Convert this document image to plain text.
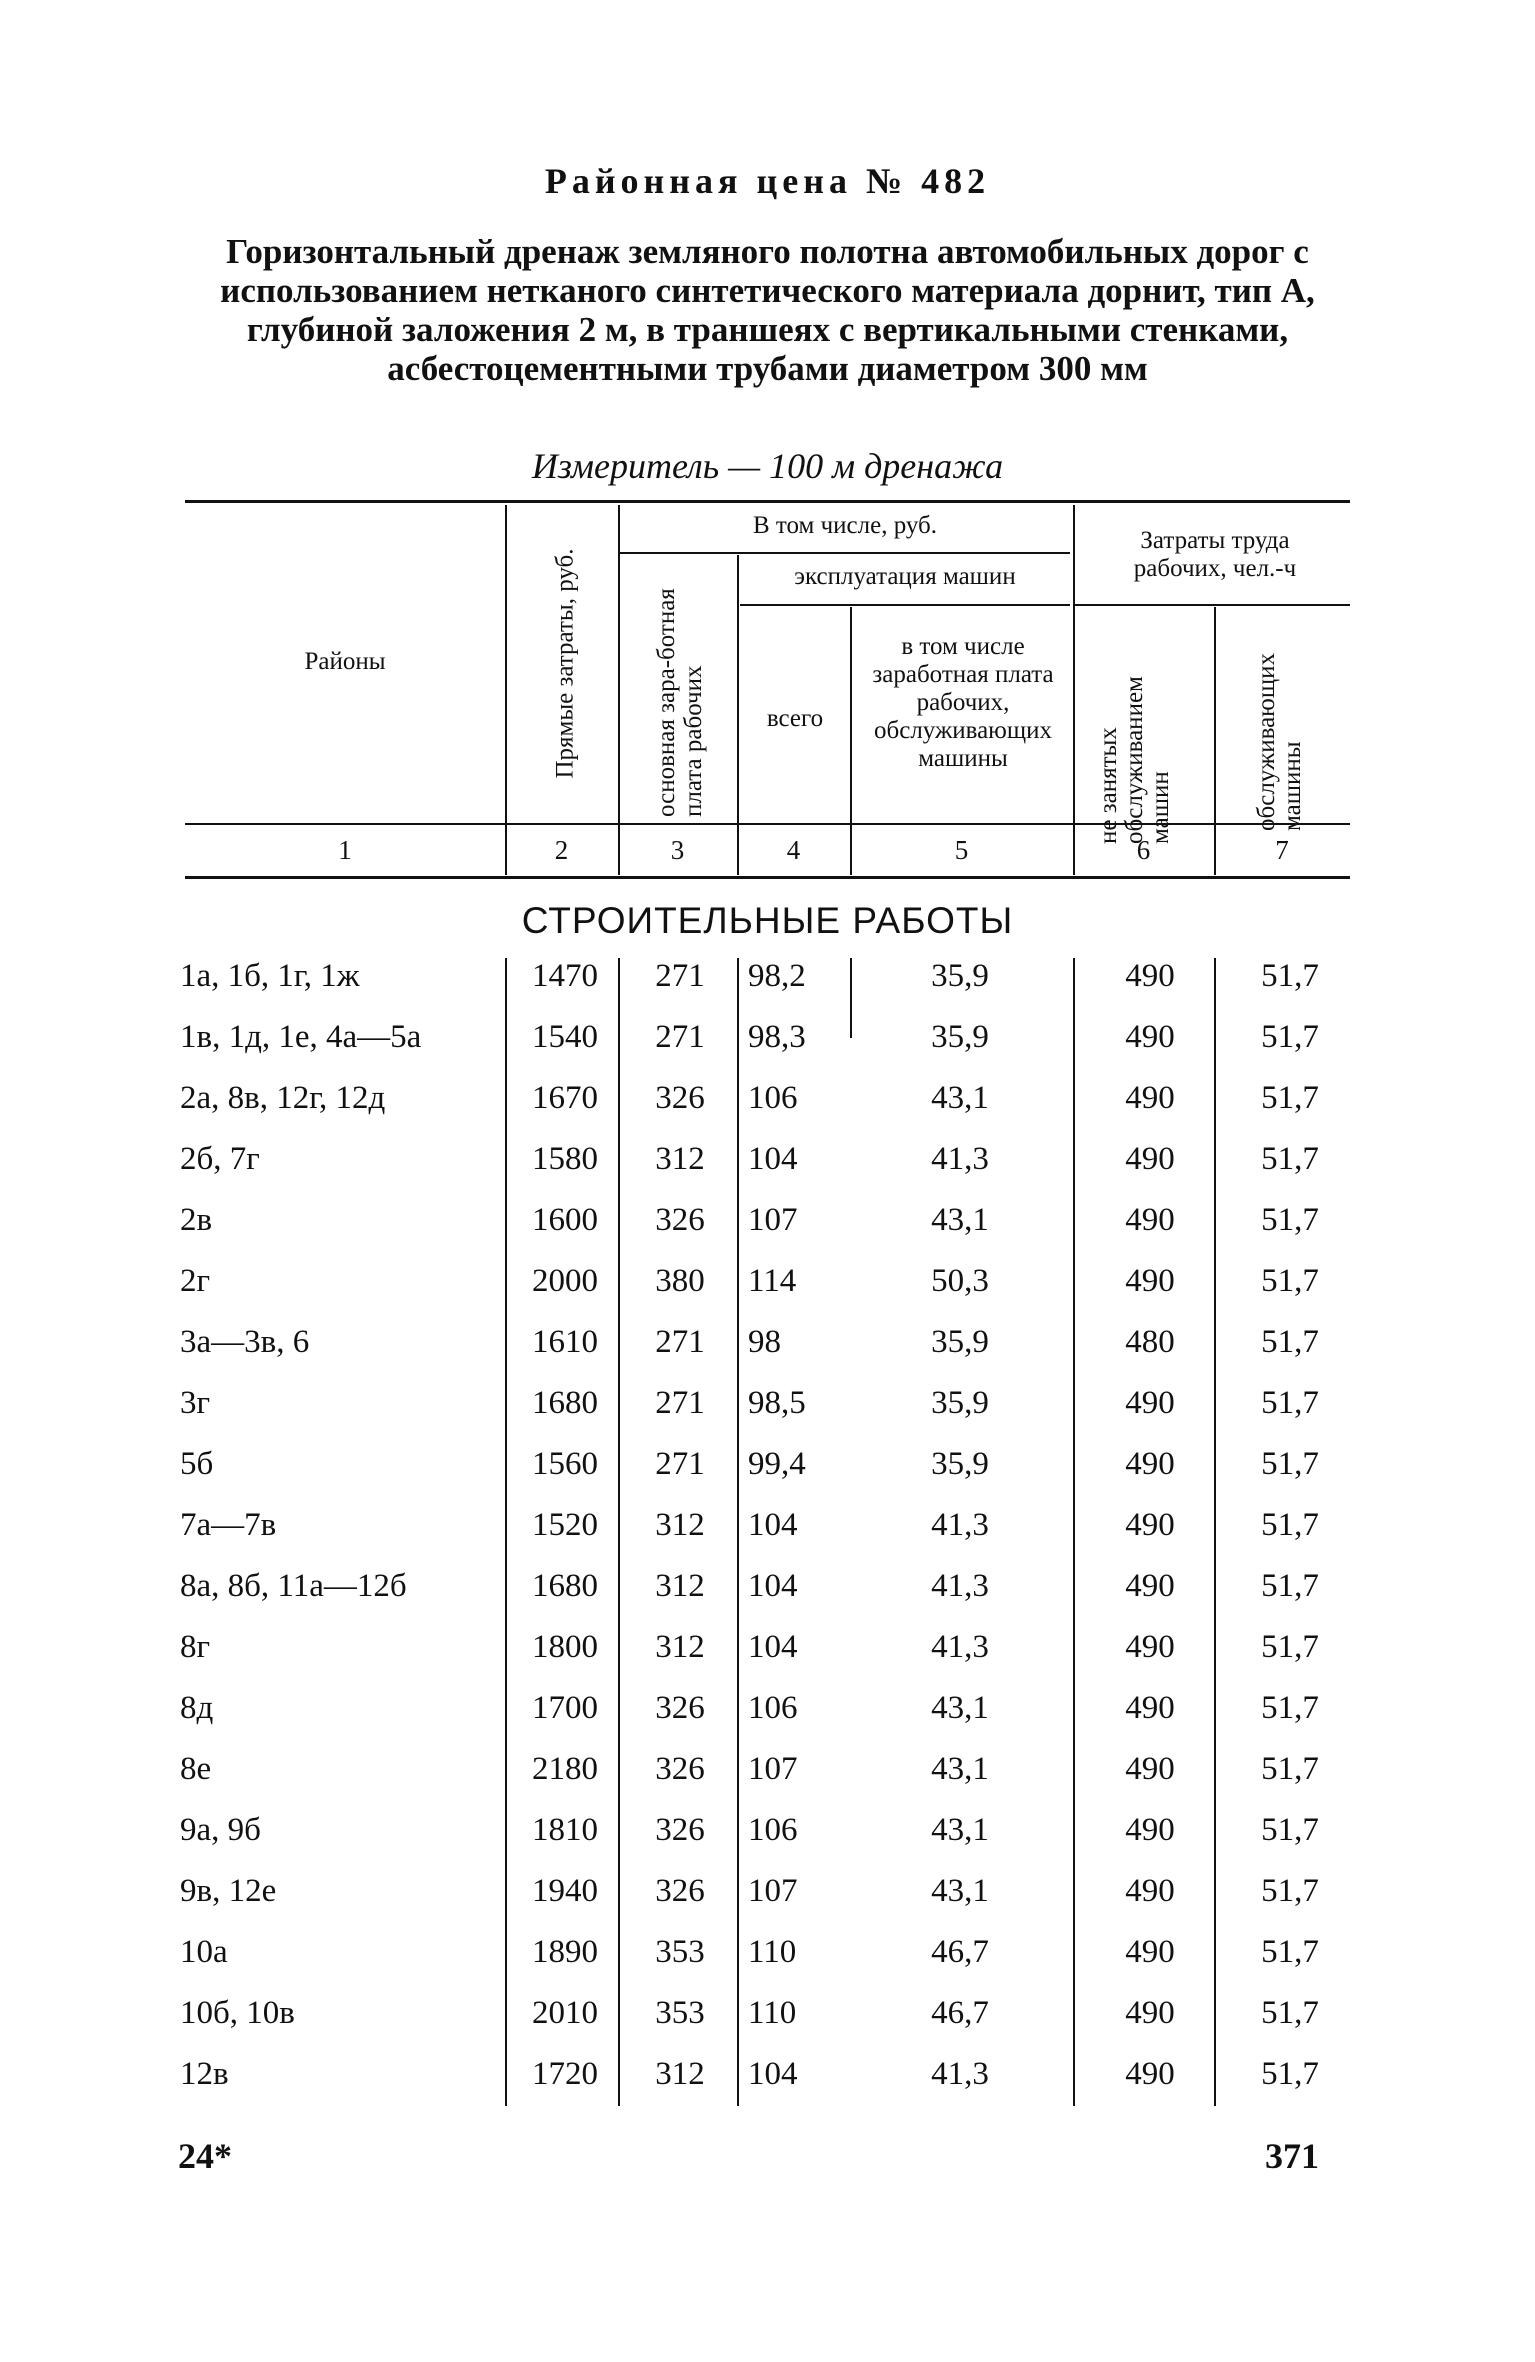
Районная цена № 482
Горизонтальный дренаж земляного полотна автомобильных дорог с использованием нетканого синтетического материала дорнит, тип А, глубиной заложения 2 м, в траншеях с вертикальными стенками, асбестоцементными трубами диаметром 300 мм
Измеритель — 100 м дренажа
Районы	Прямые затраты, руб.
В том числе, руб.
основная зара-ботная плата рабочих
эксплуатация машин
всего
в том числе заработная плата рабочих, обслуживающих машины
Затраты труда рабочих, чел.-ч
не занятых обслуживанием машин	обслуживающих машины
1	2	3	4	5	6	7
СТРОИТЕЛЬНЫЕ РАБОТЫ
1а, 1б, 1г, 1ж	1470	271	98,2	35,9	490	51,7
1в, 1д, 1е, 4а—5а	1540	271	98,3	35,9	490	51,7
2а, 8в, 12г, 12д	1670	326	106	43,1	490	51,7
2б, 7г	1580	312	104	41,3	490	51,7
2в	1600	326	107	43,1	490	51,7
2г	2000	380	114	50,3	490	51,7
3а—3в, 6	1610	271	98	35,9	480	51,7
3г	1680	271	98,5	35,9	490	51,7
5б	1560	271	99,4	35,9	490	51,7
7а—7в	1520	312	104	41,3	490	51,7
8а, 8б, 11а—12б	1680	312	104	41,3	490	51,7
8г	1800	312	104	41,3	490	51,7
8д	1700	326	106	43,1	490	51,7
8е	2180	326	107	43,1	490	51,7
9а, 9б	1810	326	106	43,1	490	51,7
9в, 12е	1940	326	107	43,1	490	51,7
10а	1890	353	110	46,7	490	51,7
10б, 10в	2010	353	110	46,7	490	51,7
12в	1720	312	104	41,3	490	51,7
24*	371
